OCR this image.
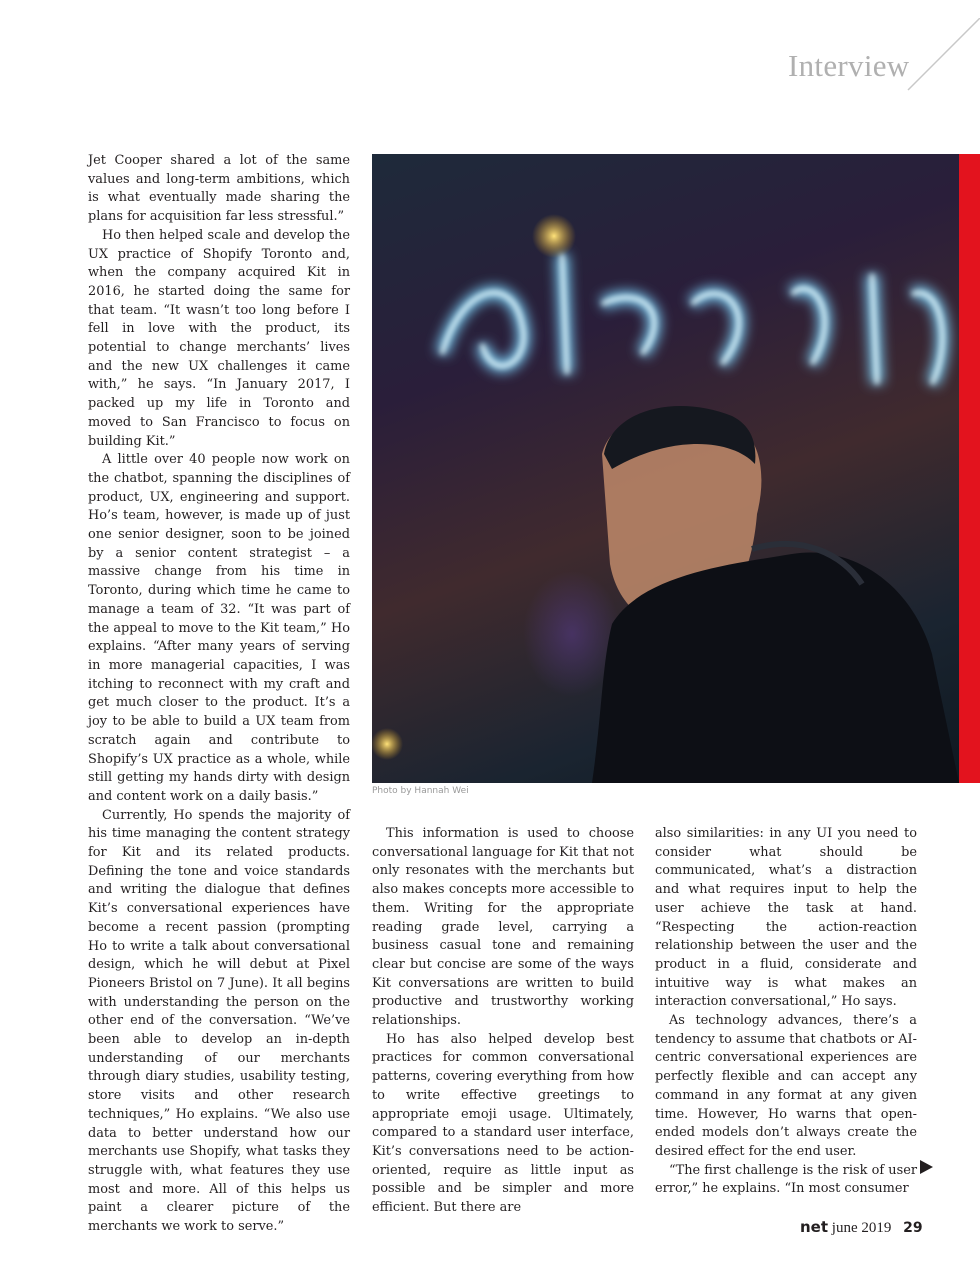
Interview

Jet Cooper shared a lot of the same values and long-term ambitions, which is what eventually made sharing the plans for acquisition far less stressful.”

Ho then helped scale and develop the UX practice of Shopify Toronto and, when the company acquired Kit in 2016, he started doing the same for that team. “It wasn’t too long before I fell in love with the product, its potential to change merchants’ lives and the new UX challenges it came with,” he says. “In January 2017, I packed up my life in Toronto and moved to San Francisco to focus on building Kit.”

A little over 40 people now work on the chatbot, spanning the disciplines of product, UX, engineering and support. Ho’s team, however, is made up of just one senior designer, soon to be joined by a senior content strategist – a massive change from his time in Toronto, during which time he came to manage a team of 32. “It was part of the appeal to move to the Kit team,” Ho explains. “After many years of serving in more managerial capacities, I was itching to reconnect with my craft and get much closer to the product. It’s a joy to be able to build a UX team from scratch again and contribute to Shopify’s UX practice as a whole, while still getting my hands dirty with design and content work on a daily basis.”

Currently, Ho spends the majority of his time managing the content strategy for Kit and its related products. Defining the tone and voice standards and writing the dialogue that defines Kit’s conversational experiences have become a recent passion (prompting Ho to write a talk about conversational design, which he will debut at Pixel Pioneers Bristol on 7 June). It all begins with understanding the person on the other end of the conversation. “We’ve been able to develop an in-depth understanding of our merchants through diary studies, usability testing, store visits and other research techniques,” Ho explains. “We also use data to better understand how our merchants use Shopify, what tasks they struggle with, what features they use most and more. All of this helps us paint a clearer picture of the merchants we work to serve.”

Photo by Hannah Wei

This information is used to choose conversational language for Kit that not only resonates with the merchants but also makes concepts more accessible to them. Writing for the appropriate reading grade level, carrying a business casual tone and remaining clear but concise are some of the ways Kit conversations are written to build productive and trustworthy working relationships.

Ho has also helped develop best practices for common conversational patterns, covering everything from how to write effective greetings to appropriate emoji usage. Ultimately, compared to a standard user interface, Kit’s conversations need to be action-oriented, require as little input as possible and be simpler and more efficient. But there are

also similarities: in any UI you need to consider what should be communicated, what’s a distraction and what requires input to help the user achieve the task at hand. “Respecting the action-reaction relationship between the user and the product in a fluid, considerate and intuitive way is what makes an interaction conversational,” Ho says.

As technology advances, there’s a tendency to assume that chatbots or AI-centric conversational experiences are perfectly flexible and can accept any command in any format at any given time. However, Ho warns that open-ended models don’t always create the desired effect for the end user.

“The first challenge is the risk of user error,” he explains. “In most consumer

net june 2019 29
